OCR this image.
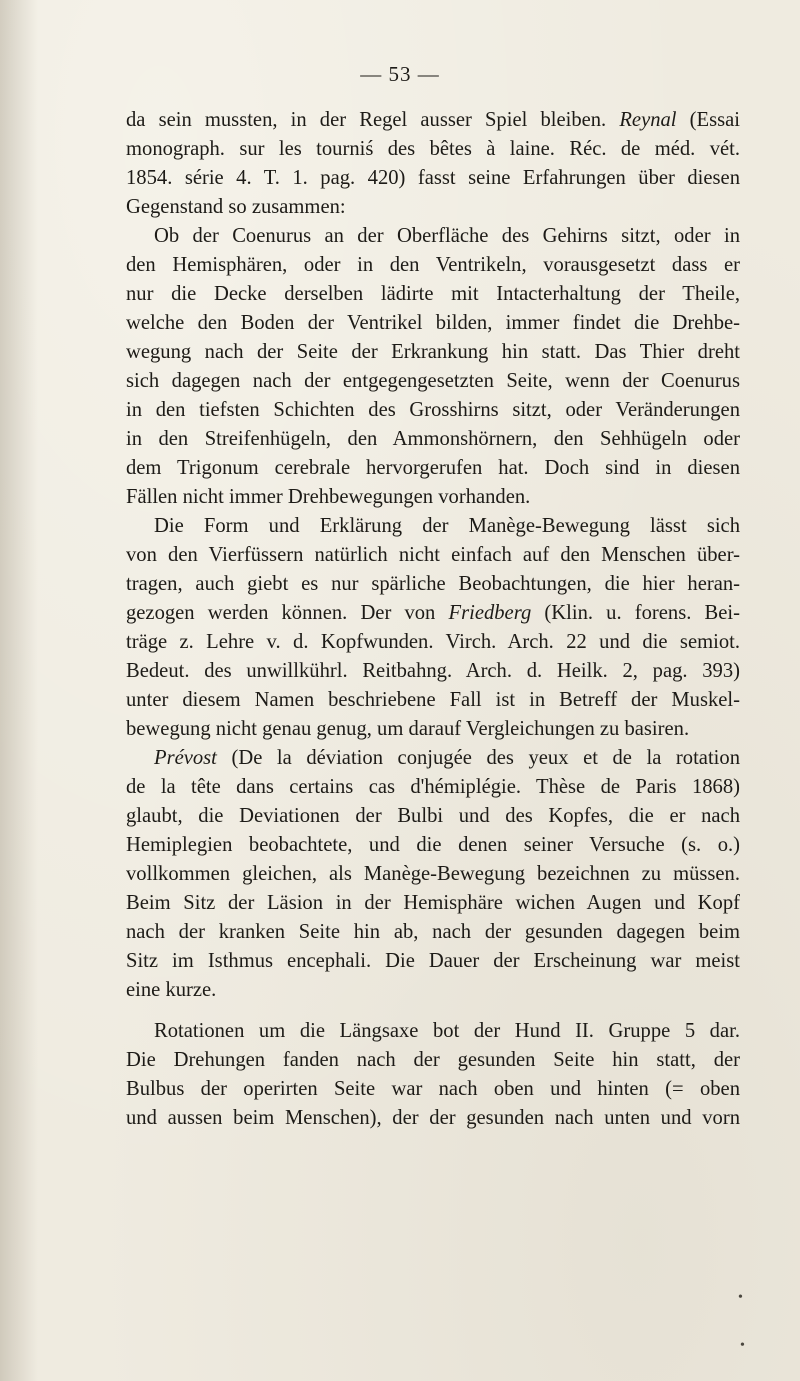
— 53 —
da sein mussten, in der Regel ausser Spiel bleiben. Reynal (Essai
monograph. sur les tourniś des bêtes à laine. Réc. de méd. vét.
1854. série 4. T. 1. pag. 420) fasst seine Erfahrungen über diesen
Gegenstand so zusammen:
Ob der Coenurus an der Oberfläche des Gehirns sitzt, oder in
den Hemisphären, oder in den Ventrikeln, vorausgesetzt dass er
nur die Decke derselben lädirte mit Intacterhaltung der Theile,
welche den Boden der Ventrikel bilden, immer findet die Drehbe-
wegung nach der Seite der Erkrankung hin statt. Das Thier dreht
sich dagegen nach der entgegengesetzten Seite, wenn der Coenurus
in den tiefsten Schichten des Grosshirns sitzt, oder Veränderungen
in den Streifenhügeln, den Ammonshörnern, den Sehhügeln oder
dem Trigonum cerebrale hervorgerufen hat. Doch sind in diesen
Fällen nicht immer Drehbewegungen vorhanden.
Die Form und Erklärung der Manège-Bewegung lässt sich
von den Vierfüssern natürlich nicht einfach auf den Menschen über-
tragen, auch giebt es nur spärliche Beobachtungen, die hier heran-
gezogen werden können. Der von Friedberg (Klin. u. forens. Bei-
träge z. Lehre v. d. Kopfwunden. Virch. Arch. 22 und die semiot.
Bedeut. des unwillkührl. Reitbahng. Arch. d. Heilk. 2, pag. 393)
unter diesem Namen beschriebene Fall ist in Betreff der Muskel-
bewegung nicht genau genug, um darauf Vergleichungen zu basiren.
Prévost (De la déviation conjugée des yeux et de la rotation
de la tête dans certains cas d'hémiplégie. Thèse de Paris 1868)
glaubt, die Deviationen der Bulbi und des Kopfes, die er nach
Hemiplegien beobachtete, und die denen seiner Versuche (s. o.)
vollkommen gleichen, als Manège-Bewegung bezeichnen zu müssen.
Beim Sitz der Läsion in der Hemisphäre wichen Augen und Kopf
nach der kranken Seite hin ab, nach der gesunden dagegen beim
Sitz im Isthmus encephali. Die Dauer der Erscheinung war meist
eine kurze.
Rotationen um die Längsaxe bot der Hund II. Gruppe 5 dar.
Die Drehungen fanden nach der gesunden Seite hin statt, der
Bulbus der operirten Seite war nach oben und hinten (= oben
und aussen beim Menschen), der der gesunden nach unten und vorn
•
•
